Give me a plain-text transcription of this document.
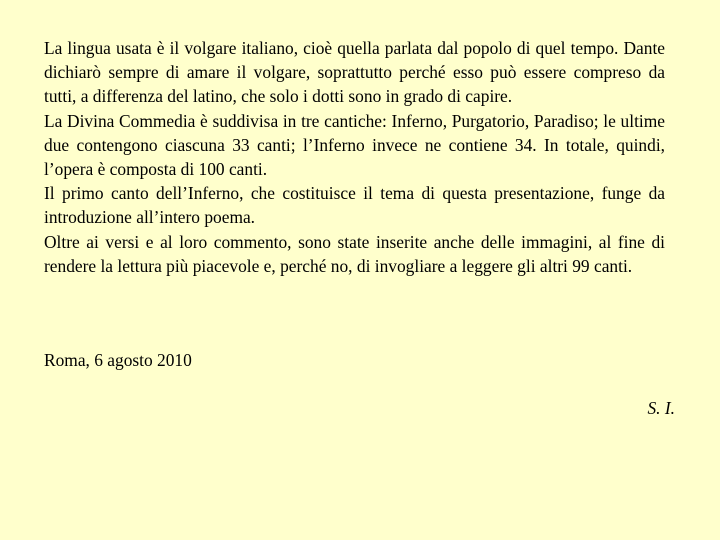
La lingua usata è il volgare italiano, cioè quella parlata dal popolo di quel tempo. Dante dichiarò sempre di amare il volgare, soprattutto perché esso può essere compreso da tutti, a differenza del latino, che solo i dotti sono in grado di capire.

La Divina Commedia è suddivisa in tre cantiche: Inferno, Purgatorio, Paradiso; le ultime due contengono ciascuna 33 canti; l’Inferno invece ne contiene 34. In totale, quindi, l’opera è composta di 100 canti.

Il primo canto dell’Inferno, che costituisce il tema di questa presentazione, funge da introduzione all’intero poema.

Oltre ai versi e al loro commento, sono state inserite anche delle immagini, al fine di rendere la lettura più piacevole e, perché no, di invogliare a leggere gli altri 99 canti.

Roma, 6 agosto 2010

S. I.
